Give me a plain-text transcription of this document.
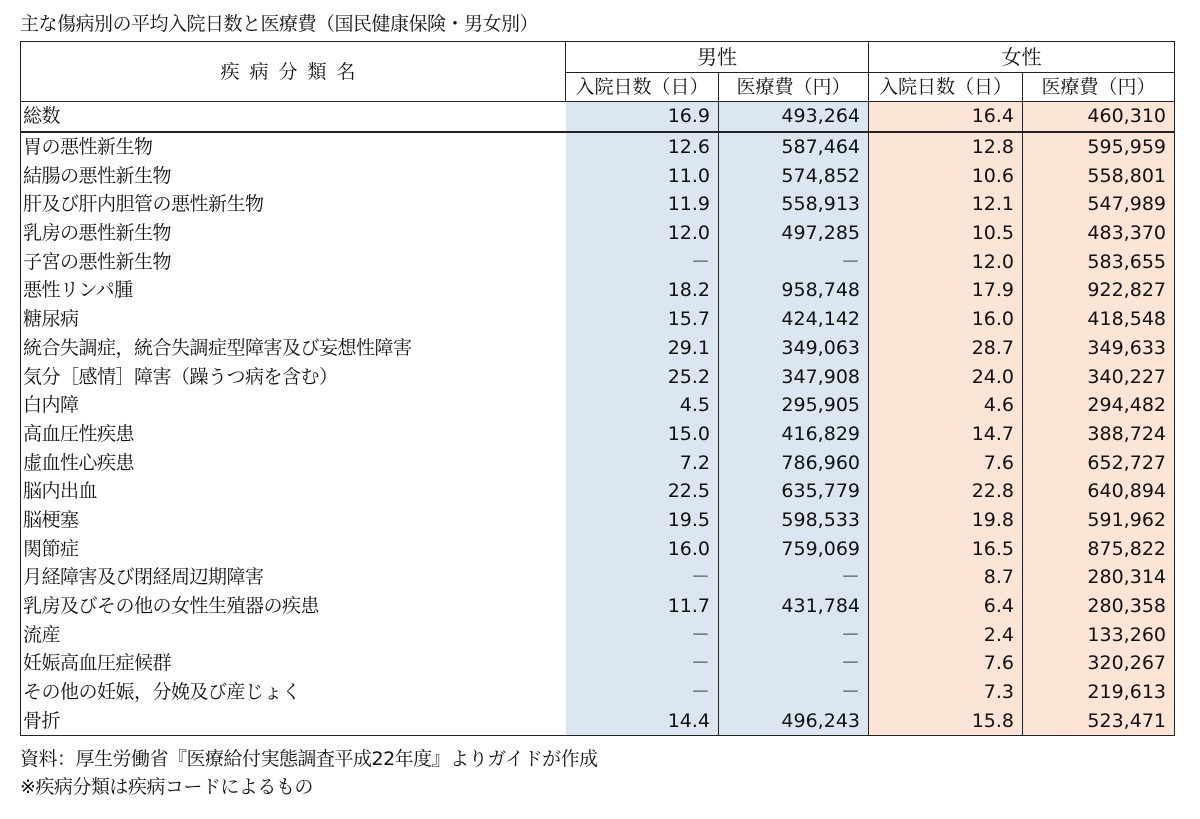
主な傷病別の平均入院日数と医療費（国民健康保険・男女別）
疾病分類名	男性		女性	
	入院日数（日）	医療費（円）	入院日数（日）	医療費（円）
総数	16.9	493,264	16.4	460,310
胃の悪性新生物	12.6	587,464	12.8	595,959
結腸の悪性新生物	11.0	574,852	10.6	558,801
肝及び肝内胆管の悪性新生物	11.9	558,913	12.1	547,989
乳房の悪性新生物	12.0	497,285	10.5	483,370
子宮の悪性新生物	－	－	12.0	583,655
悪性リンパ腫	18.2	958,748	17.9	922,827
糖尿病	15.7	424,142	16.0	418,548
統合失調症，統合失調症型障害及び妄想性障害	29.1	349,063	28.7	349,633
気分［感情］障害（躁うつ病を含む）	25.2	347,908	24.0	340,227
白内障	4.5	295,905	4.6	294,482
高血圧性疾患	15.0	416,829	14.7	388,724
虚血性心疾患	7.2	786,960	7.6	652,727
脳内出血	22.5	635,779	22.8	640,894
脳梗塞	19.5	598,533	19.8	591,962
関節症	16.0	759,069	16.5	875,822
月経障害及び閉経周辺期障害	－	－	8.7	280,314
乳房及びその他の女性生殖器の疾患	11.7	431,784	6.4	280,358
流産	－	－	2.4	133,260
妊娠高血圧症候群	－	－	7.6	320,267
その他の妊娠，分娩及び産じょく	－	－	7.3	219,613
骨折	14.4	496,243	15.8	523,471
資料：厚生労働省『医療給付実態調査平成22年度』よりガイドが作成
※疾病分類は疾病コードによるもの
